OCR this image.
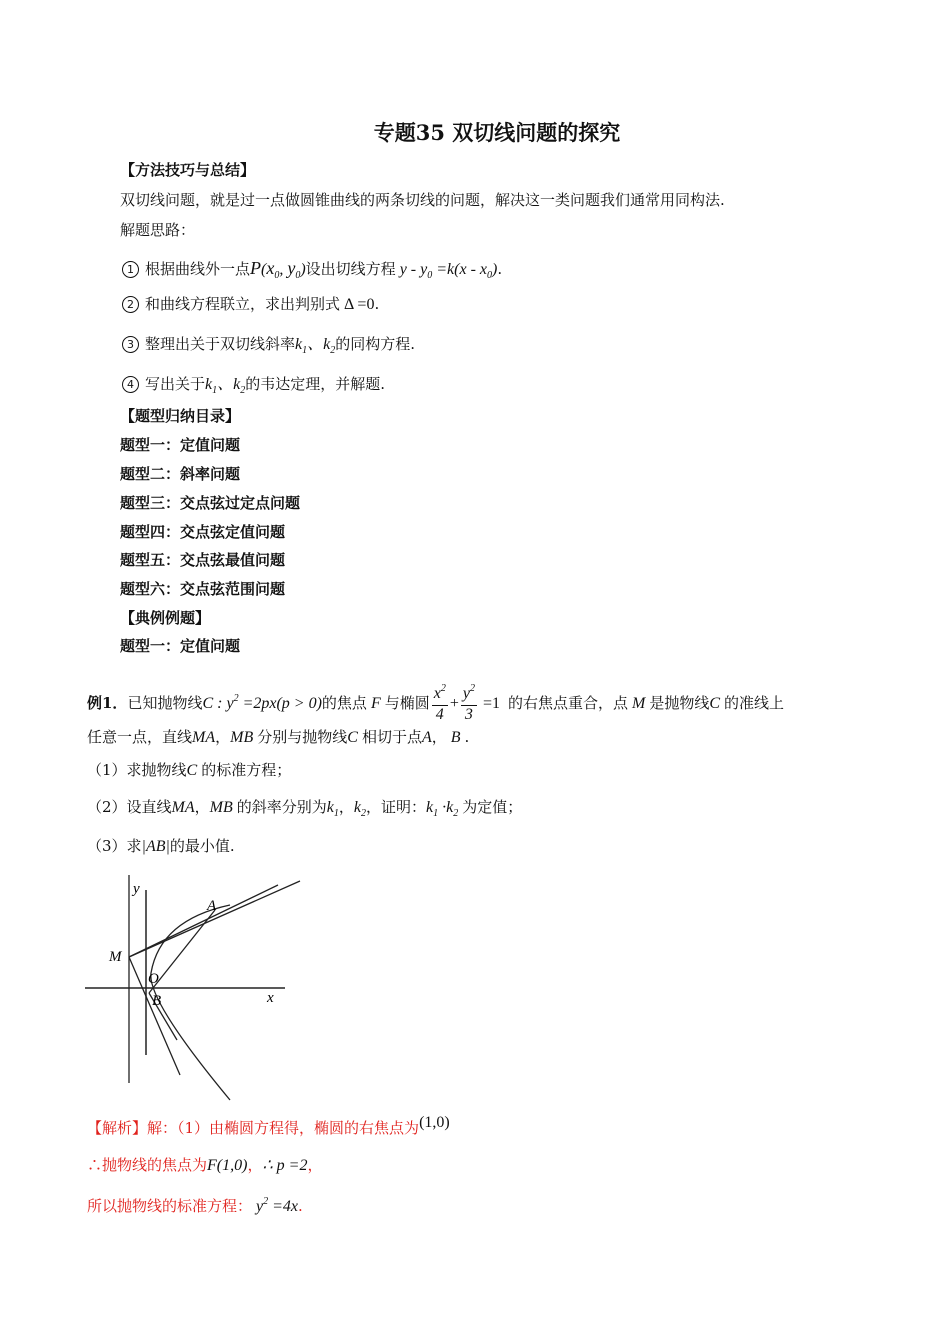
专题35 双切线问题的探究
【方法技巧与总结】
双切线问题，就是过一点做圆锥曲线的两条切线的问题，解决这一类问题我们通常用同构法.
解题思路：
1 根据曲线外一点$P(x_0$, $y_0$)设出切线方程 $y - y_0 =k(x - x_0)$.
2 和曲线方程联立，求出判别式 Δ =0.
3 整理出关于双切线斜率$k_1$、$k_2$的同构方程.
4 写出关于$k_1$、$k_2$的韦达定理，并解题.
【题型归纳目录】
题型一：定值问题
题型二：斜率问题
题型三：交点弦过定点问题
题型四：交点弦定值问题
题型五：交点弦最值问题
题型六：交点弦范围问题
【典例例题】
题型一：定值问题
例1．已知抛物线C : $y^2 =2px(p > 0)$的焦点 F 与椭圆 $\frac{x^2}{4} + \frac{y^2}{3} =1$  的右焦点重合，点 M 是抛物线C 的准线上
任意一点，直线MA，MB 分别与抛物线C 相切于点A， B .
（1）求抛物线C 的标准方程；
（2）设直线MA，MB 的斜率分别为$k_1$，$k_2$，证明：$k_1 \cdot k_2$ 为定值；
（3）求|AB|的最小值.
y
x
A
M
O
B
【解析】解：（1）由椭圆方程得，椭圆的右焦点为(1,0)
∴抛物线的焦点为F(1,0)，∴ p =2，
所以抛物线的标准方程： $y^2 =4x$.
